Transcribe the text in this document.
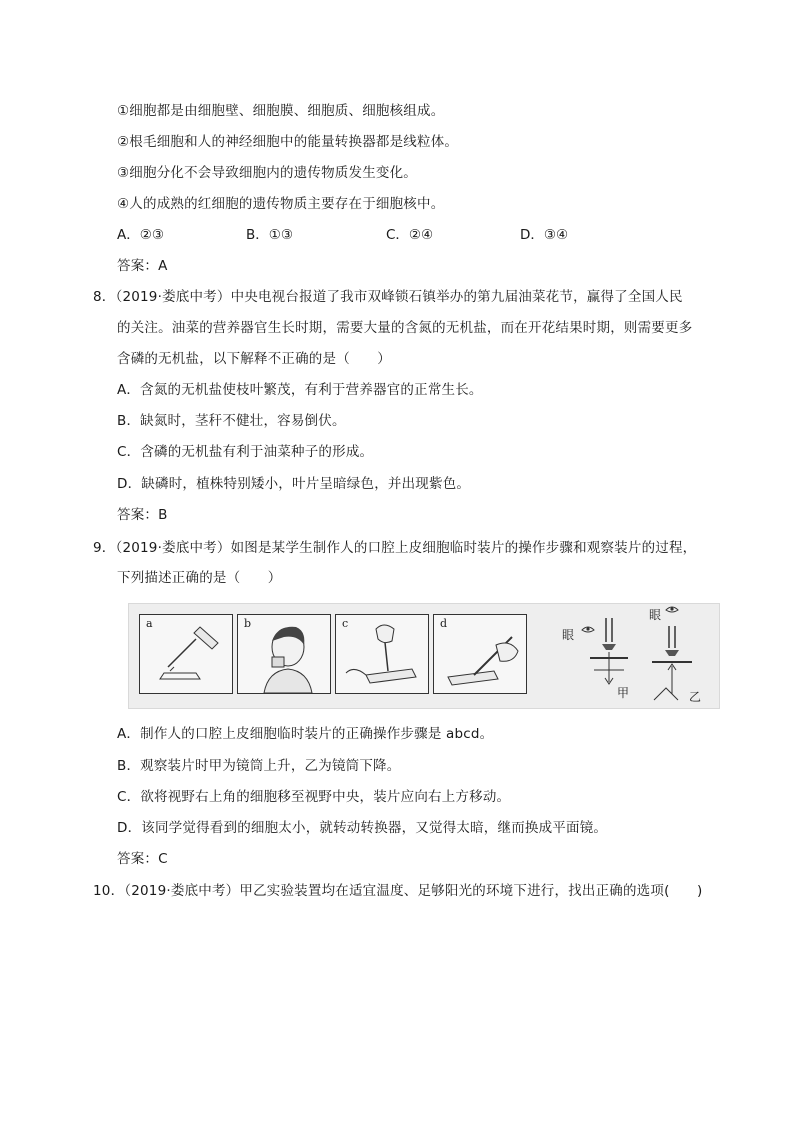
①细胞都是由细胞壁、细胞膜、细胞质、细胞核组成。
②根毛细胞和人的神经细胞中的能量转换器都是线粒体。
③细胞分化不会导致细胞内的遗传物质发生变化。
④人的成熟的红细胞的遗传物质主要存在于细胞核中。
A．②③	B．①③	C．②④	D．③④
答案：A
8．（2019·娄底中考）中央电视台报道了我市双峰锁石镇举办的第九届油菜花节，赢得了全国人民
的关注。油菜的营养器官生长时期，需要大量的含氮的无机盐，而在开花结果时期，则需要更多
含磷的无机盐，以下解释不正确的是（　　）
A．含氮的无机盐使枝叶繁茂，有利于营养器官的正常生长。
B．缺氮时，茎秆不健壮，容易倒伏。
C．含磷的无机盐有利于油菜种子的形成。
D．缺磷时，植株特别矮小，叶片呈暗绿色，并出现紫色。
答案：B
9．（2019·娄底中考）如图是某学生制作人的口腔上皮细胞临时装片的操作步骤和观察装片的过程，
下列描述正确的是（　　）
a	b	c	d
眼
眼
甲	乙
A．制作人的口腔上皮细胞临时装片的正确操作步骤是 abcd。
B．观察装片时甲为镜筒上升，乙为镜筒下降。
C．欲将视野右上角的细胞移至视野中央，装片应向右上方移动。
D．该同学觉得看到的细胞太小，就转动转换器，又觉得太暗，继而换成平面镜。
答案：C
10．（2019·娄底中考）甲乙实验装置均在适宜温度、足够阳光的环境下进行，找出正确的选项(　　)
